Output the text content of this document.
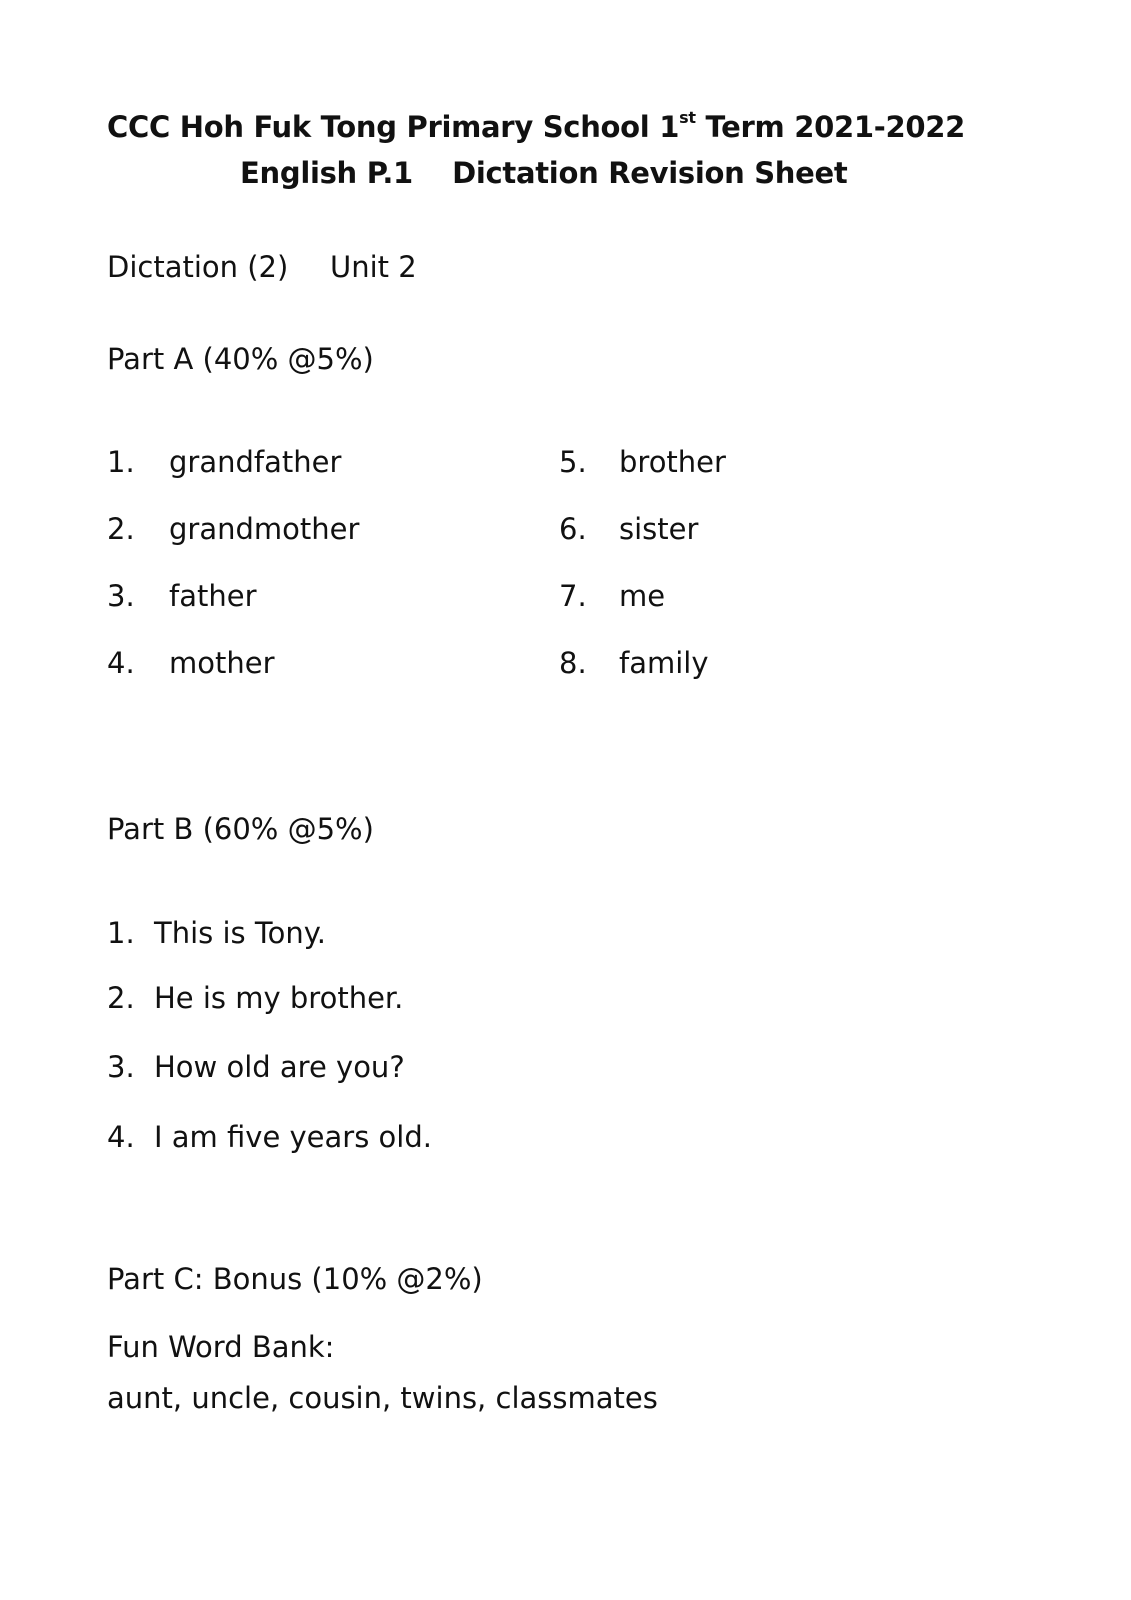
CCC Hoh Fuk Tong Primary School 1st Term 2021-2022
English P.1    Dictation Revision Sheet
Dictation (2) Unit 2
Part A (40% @5%)
1. grandfather
2. grandmother
3. father
4. mother
5. brother
6. sister
7. me
8. family
Part B (60% @5%)
1. This is Tony.
2. He is my brother.
3. How old are you?
4. I am five years old.
Part C: Bonus (10% @2%)
Fun Word Bank:
aunt, uncle, cousin, twins, classmates
